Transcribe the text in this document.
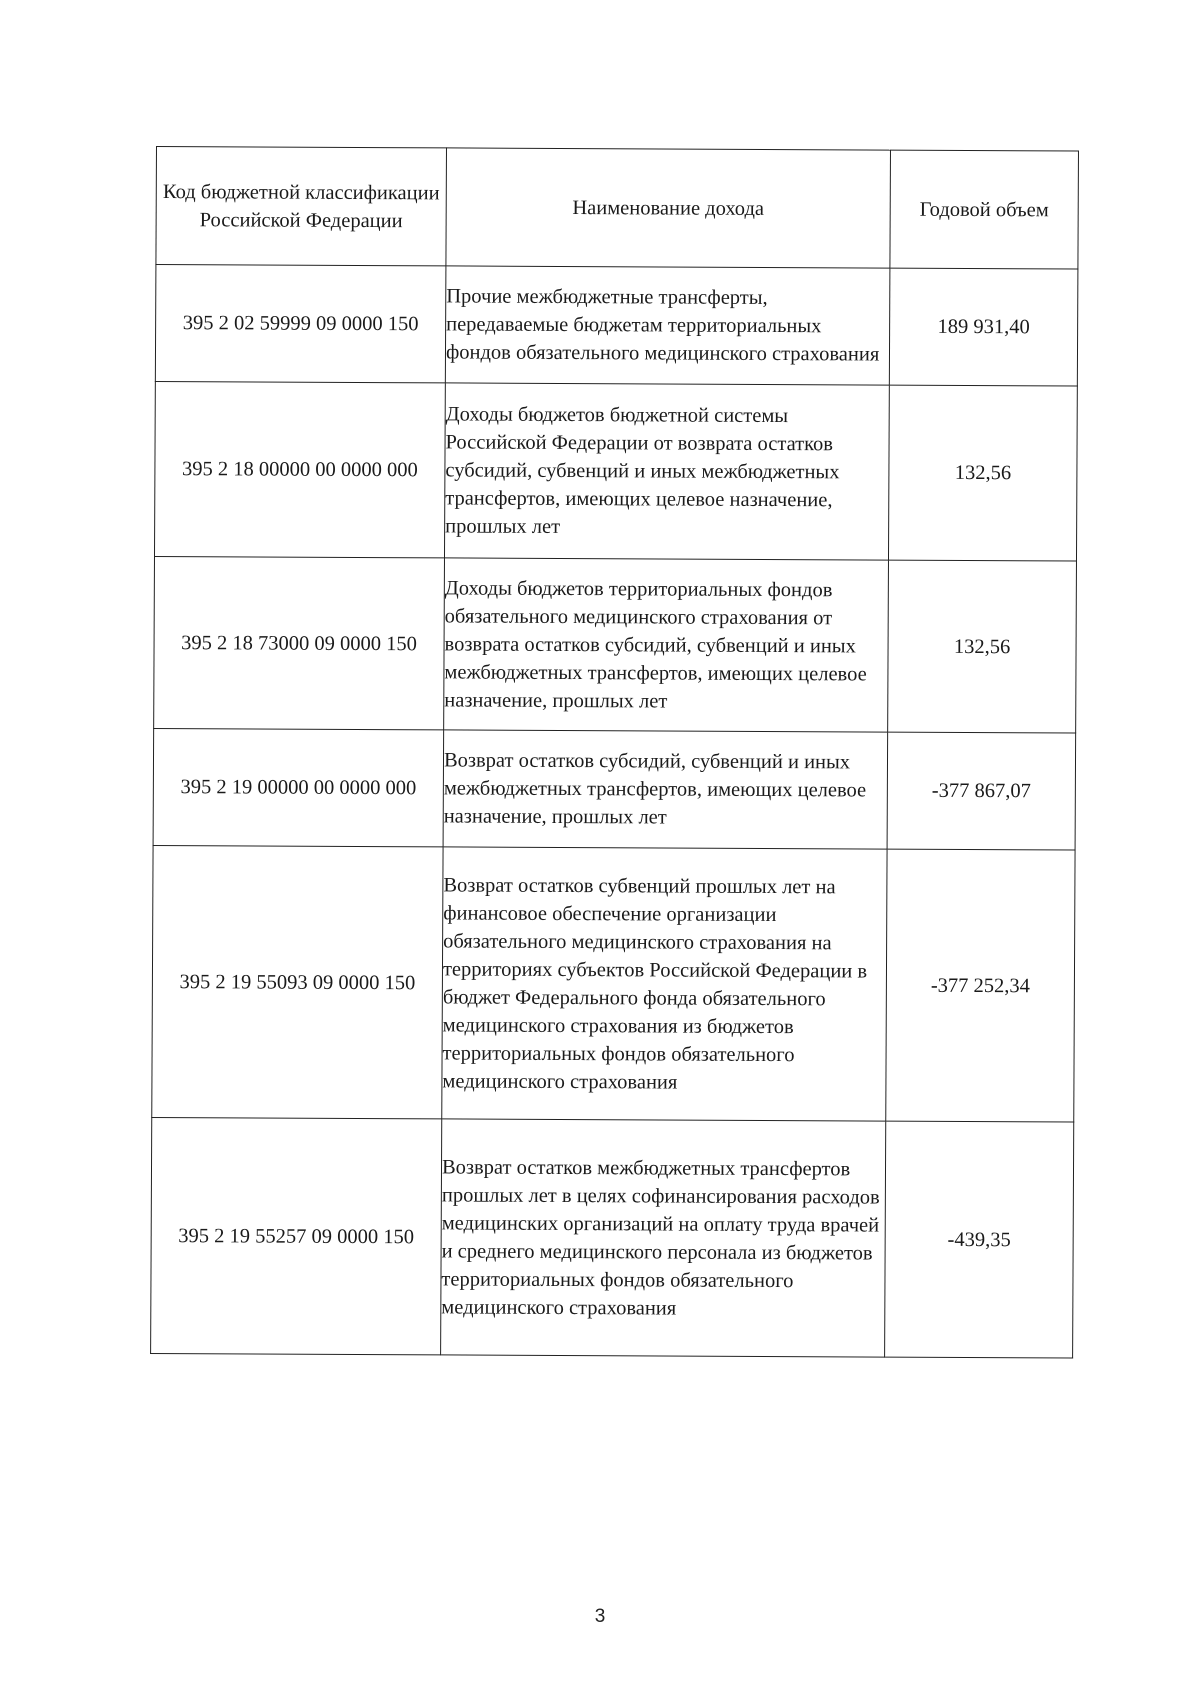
Код бюджетной классификации Российской Федерации	Наименование дохода	Годовой объем
395 2 02 59999 09 0000 150	Прочие межбюджетные трансферты, передаваемые бюджетам территориальных фондов обязательного медицинского страхования	189 931,40
395 2 18 00000 00 0000 000	Доходы бюджетов бюджетной системы Российской Федерации от возврата остатков субсидий, субвенций и иных межбюджетных трансфертов, имеющих целевое назначение, прошлых лет	132,56
395 2 18 73000 09 0000 150	Доходы бюджетов территориальных фондов обязательного медицинского страхования от возврата остатков субсидий, субвенций и иных межбюджетных трансфертов, имеющих целевое назначение, прошлых лет	132,56
395 2 19 00000 00 0000 000	Возврат остатков субсидий, субвенций и иных межбюджетных трансфертов, имеющих целевое назначение, прошлых лет	-377 867,07
395 2 19 55093 09 0000 150	Возврат остатков субвенций прошлых лет на финансовое обеспечение организации обязательного медицинского страхования на территориях субъектов Российской Федерации в бюджет Федерального фонда обязательного медицинского страхования из бюджетов территориальных фондов обязательного медицинского страхования	-377 252,34
395 2 19 55257 09 0000 150	Возврат остатков межбюджетных трансфертов прошлых лет в целях софинансирования расходов медицинских организаций на оплату труда врачей и среднего медицинского персонала из бюджетов территориальных фондов обязательного медицинского страхования	-439,35
3
